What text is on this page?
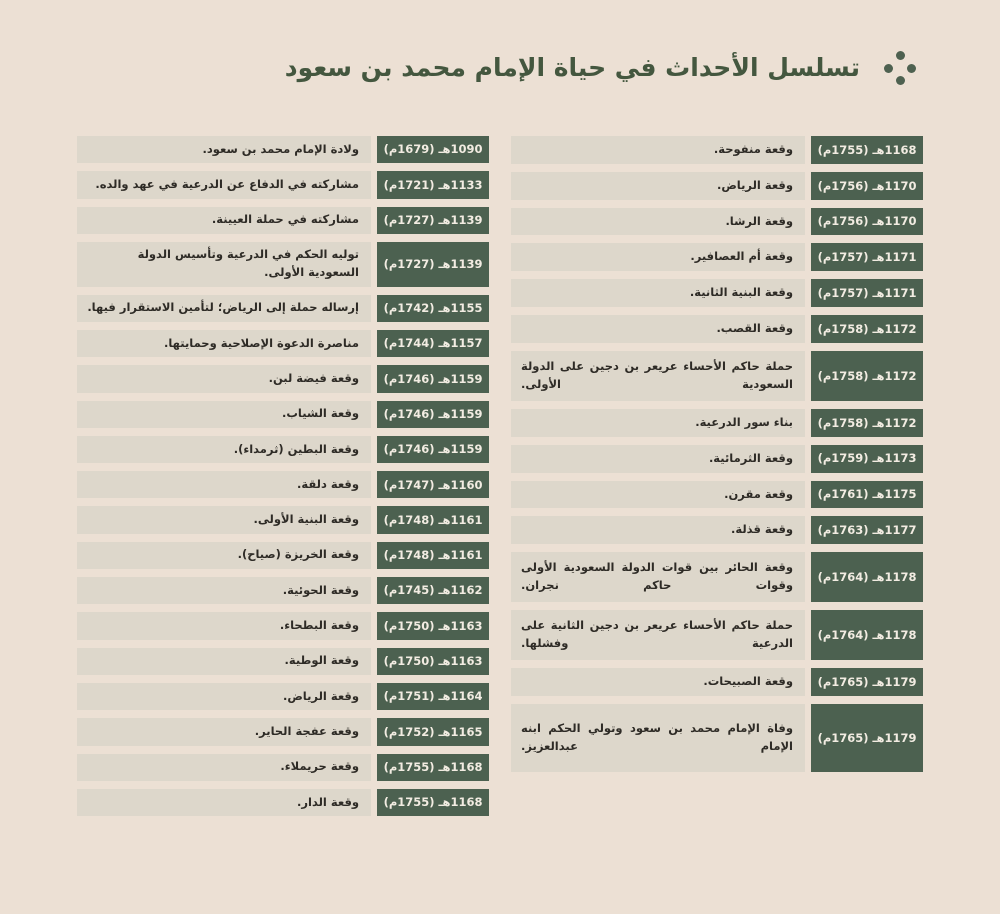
تسلسل الأحداث في حياة الإمام محمد بن سعود
1168هـ (1755م)
وقعة منفوحة.
1170هـ (1756م)
وقعة الرياض.
1170هـ (1756م)
وقعة الرشا.
1171هـ (1757م)
وقعة أم العصافير.
1171هـ (1757م)
وقعة البنية الثانية.
1172هـ (1758م)
وقعة القصب.
1172هـ (1758م)
حملة حاكم الأحساء عريعر بن دجين على الدولة السعودية الأولى.
1172هـ (1758م)
بناء سور الدرعية.
1173هـ (1759م)
وقعة الثرمائية.
1175هـ (1761م)
وقعة مقرن.
1177هـ (1763م)
وقعة قذلة.
1178هـ (1764م)
وقعة الحائر بين قوات الدولة السعودية الأولى وقوات حاكم نجران.
1178هـ (1764م)
حملة حاكم الأحساء عريعر بن دجين الثانية على الدرعية وفشلها.
1179هـ (1765م)
وقعة الصبيحات.
1179هـ (1765م)
وفاة الإمام محمد بن سعود وتولي الحكم ابنه الإمام عبدالعزيز.
1090هـ (1679م)
ولادة الإمام محمد بن سعود.
1133هـ (1721م)
مشاركته في الدفاع عن الدرعية في عهد والده.
1139هـ (1727م)
مشاركته في حملة العيينة.
1139هـ (1727م)
توليه الحكم في الدرعية وتأسيس الدولة السعودية الأولى.
1155هـ (1742م)
إرساله حملة إلى الرياض؛ لتأمين الاستقرار فيها.
1157هـ (1744م)
مناصرة الدعوة الإصلاحية وحمايتها.
1159هـ (1746م)
وقعة فيضة لبن.
1159هـ (1746م)
وقعة الشياب.
1159هـ (1746م)
وقعة البطين (ثرمداء).
1160هـ (1747م)
وقعة دلقة.
1161هـ (1748م)
وقعة البنية الأولى.
1161هـ (1748م)
وقعة الخريزة (صياح).
1162هـ (1745م)
وقعة الحوئية.
1163هـ (1750م)
وقعة البطحاء.
1163هـ (1750م)
وقعة الوطية.
1164هـ (1751م)
وقعة الرياض.
1165هـ (1752م)
وقعة عفجة الحاير.
1168هـ (1755م)
وقعة حريملاء.
1168هـ (1755م)
وقعة الدار.
